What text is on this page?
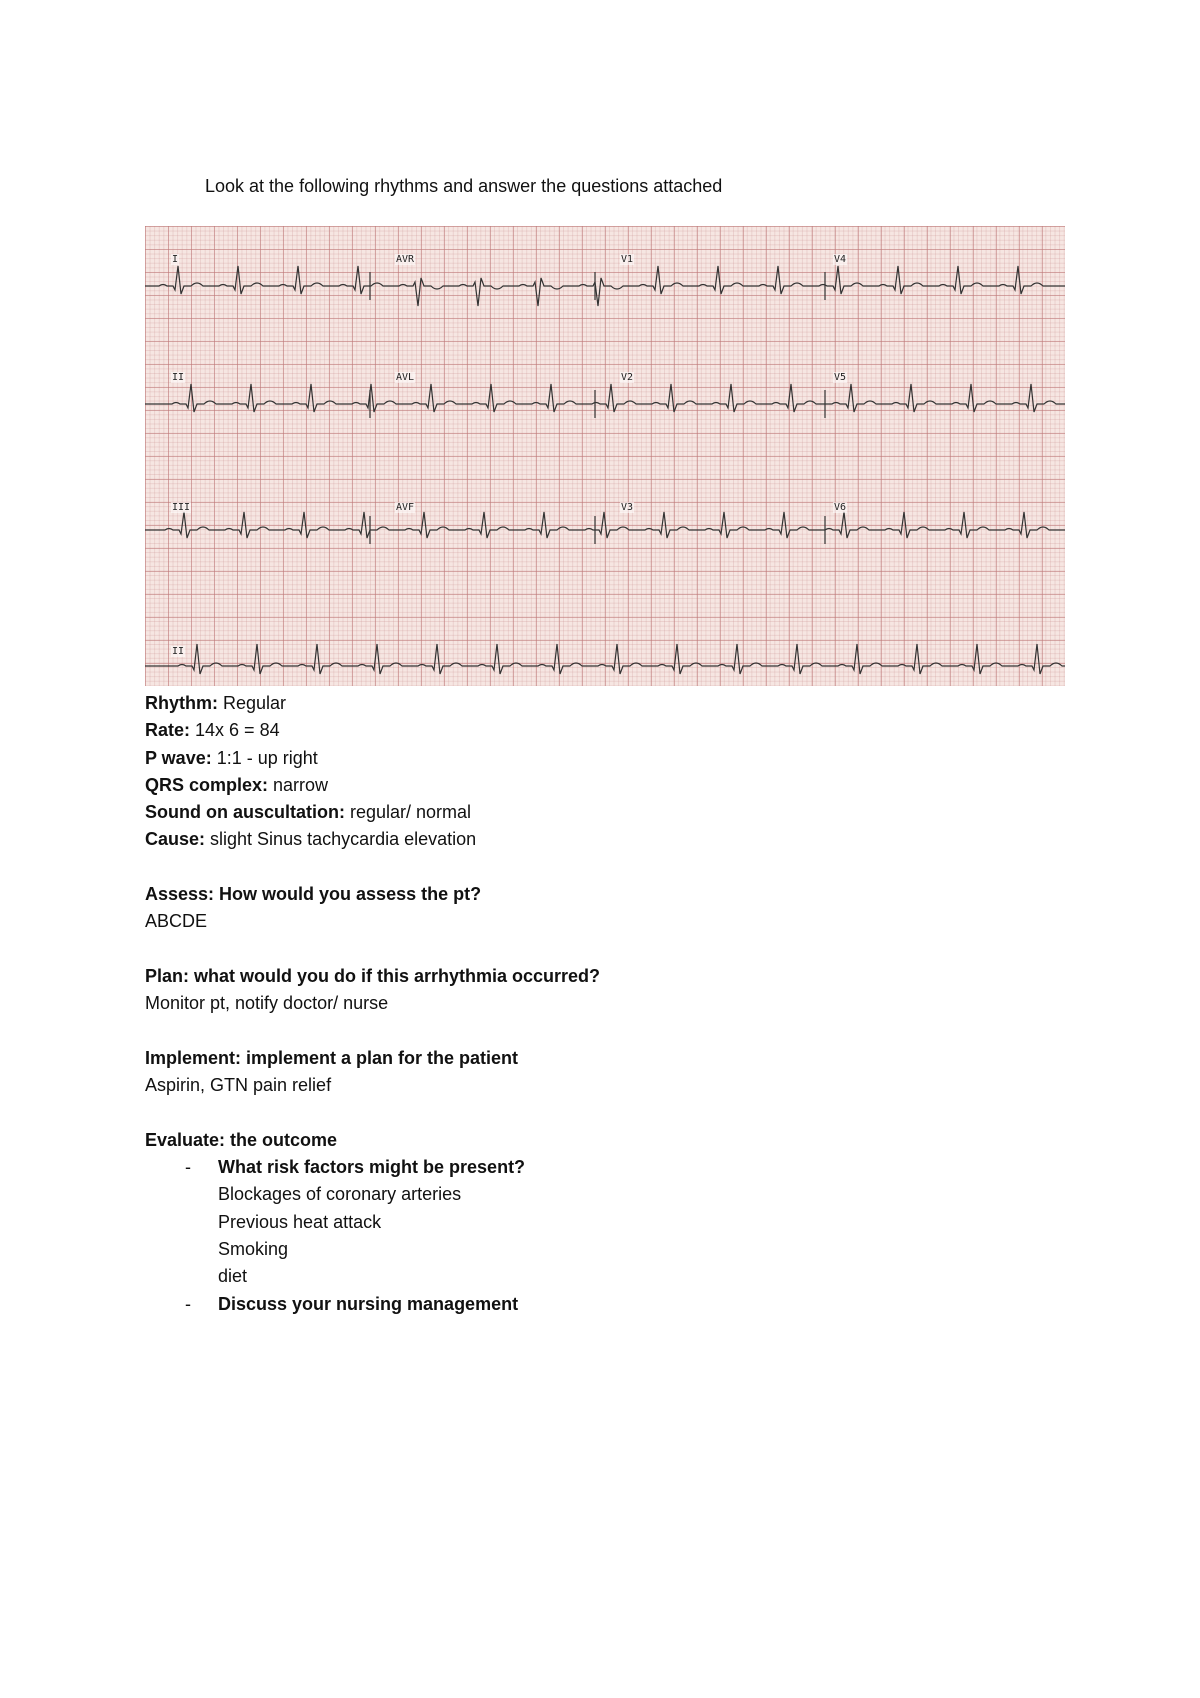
Look at the following rhythms and answer the questions attached
I	AVR	V1	V4
II	AVL	V2	V5
III	AVF	V3	V6
II

Rhythm: Regular

Rate: 14x 6 = 84

P wave: 1:1 - up right

QRS complex: narrow

Sound on auscultation: regular/ normal

Cause: slight Sinus tachycardia elevation

Assess: How would you assess the pt?

ABCDE

Plan: what would you do if this arrhythmia occurred?

Monitor pt, notify doctor/ nurse

Implement: implement a plan for the patient

Aspirin, GTN pain relief

Evaluate: the outcome

- What risk factors might be present?

Blockages of coronary arteries

Previous heat attack

Smoking

diet

- Discuss your nursing management
